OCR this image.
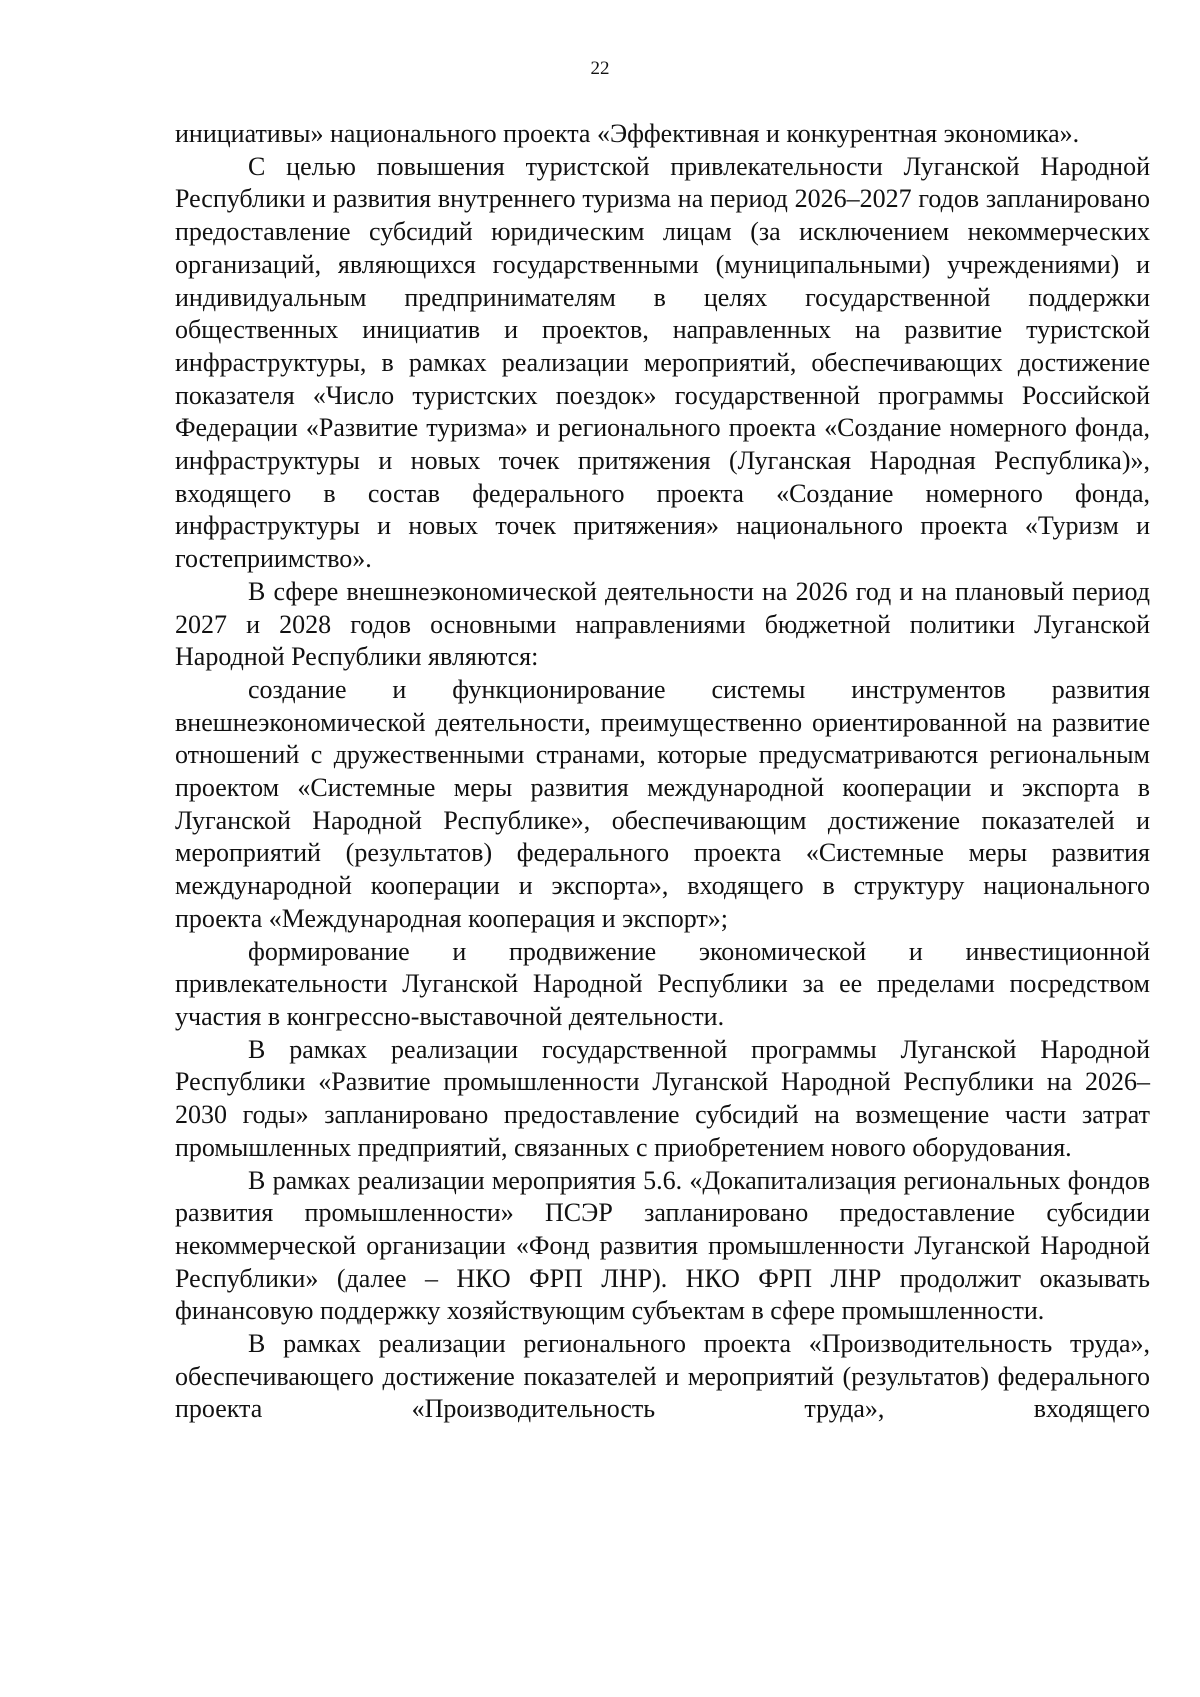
22

инициативы» национального проекта «Эффективная и конкурентная экономика».

С целью повышения туристской привлекательности Луганской Народной Республики и развития внутреннего туризма на период 2026–2027 годов запланировано предоставление субсидий юридическим лицам (за исключением некоммерческих организаций, являющихся государственными (муниципальными) учреждениями) и индивидуальным предпринимателям в целях государственной поддержки общественных инициатив и проектов, направленных на развитие туристской инфраструктуры, в рамках реализации мероприятий, обеспечивающих достижение показателя «Число туристских поездок» государственной программы Российской Федерации «Развитие туризма» и регионального проекта «Создание номерного фонда, инфраструктуры и новых точек притяжения (Луганская Народная Республика)», входящего в состав федерального проекта «Создание номерного фонда, инфраструктуры и новых точек притяжения» национального проекта «Туризм и гостеприимство».

В сфере внешнеэкономической деятельности на 2026 год и на плановый период 2027 и 2028 годов основными направлениями бюджетной политики Луганской Народной Республики являются:

создание и функционирование системы инструментов развития внешнеэкономической деятельности, преимущественно ориентированной на развитие отношений с дружественными странами, которые предусматриваются региональным проектом «Системные меры развития международной кооперации и экспорта в Луганской Народной Республике», обеспечивающим достижение показателей и мероприятий (результатов) федерального проекта «Системные меры развития международной кооперации и экспорта», входящего в структуру национального проекта «Международная кооперация и экспорт»;

формирование и продвижение экономической и инвестиционной привлекательности Луганской Народной Республики за ее пределами посредством участия в конгрессно-выставочной деятельности.

В рамках реализации государственной программы Луганской Народной Республики «Развитие промышленности Луганской Народной Республики на 2026–2030 годы» запланировано предоставление субсидий на возмещение части затрат промышленных предприятий, связанных с приобретением нового оборудования.

В рамках реализации мероприятия 5.6. «Докапитализация региональных фондов развития промышленности» ПСЭР запланировано предоставление субсидии некоммерческой организации «Фонд развития промышленности Луганской Народной Республики» (далее – НКО ФРП ЛНР). НКО ФРП ЛНР продолжит оказывать финансовую поддержку хозяйствующим субъектам в сфере промышленности.

В рамках реализации регионального проекта «Производительность труда», обеспечивающего достижение показателей и мероприятий (результатов) федерального проекта «Производительность труда», входящего
